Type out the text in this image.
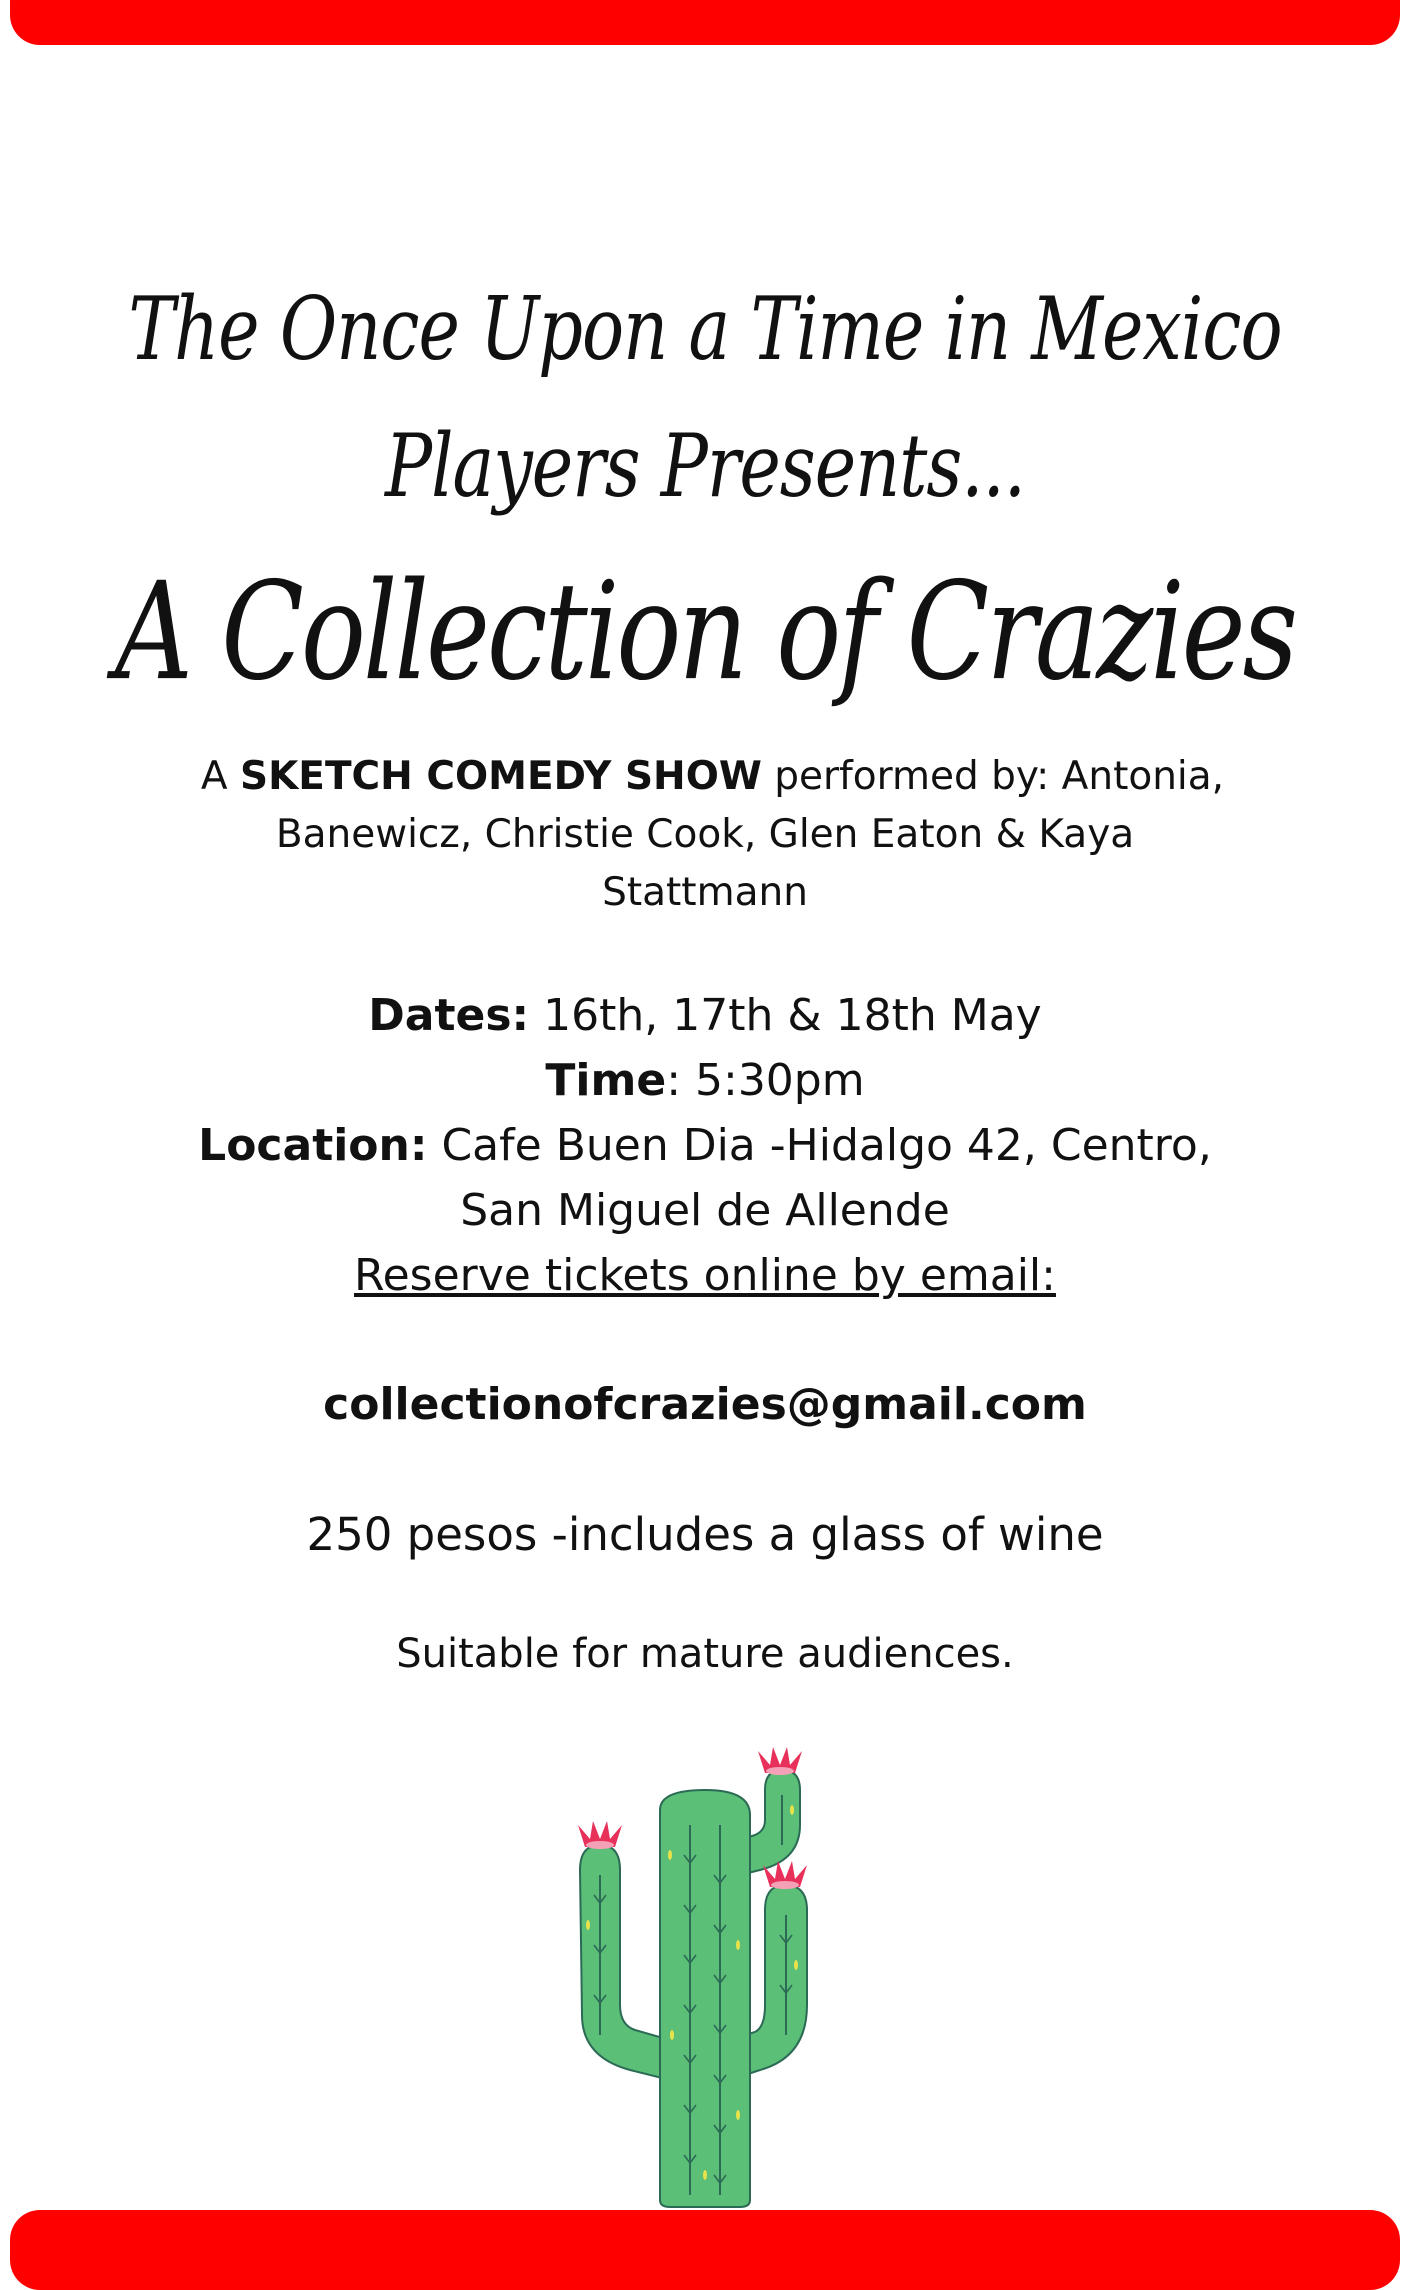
The Once Upon a Time in Mexico
Players Presents...
A Collection of Crazies
A SKETCH COMEDY SHOW performed by: Antonia,
Banewicz, Christie Cook, Glen Eaton & Kaya
Stattmann
Dates: 16th, 17th & 18th May
Time: 5:30pm
Location: Cafe Buen Dia -Hidalgo 42, Centro,
San Miguel de Allende
Reserve tickets online by email:
collectionofcrazies@gmail.com
250 pesos -includes a glass of wine
Suitable for mature audiences.
